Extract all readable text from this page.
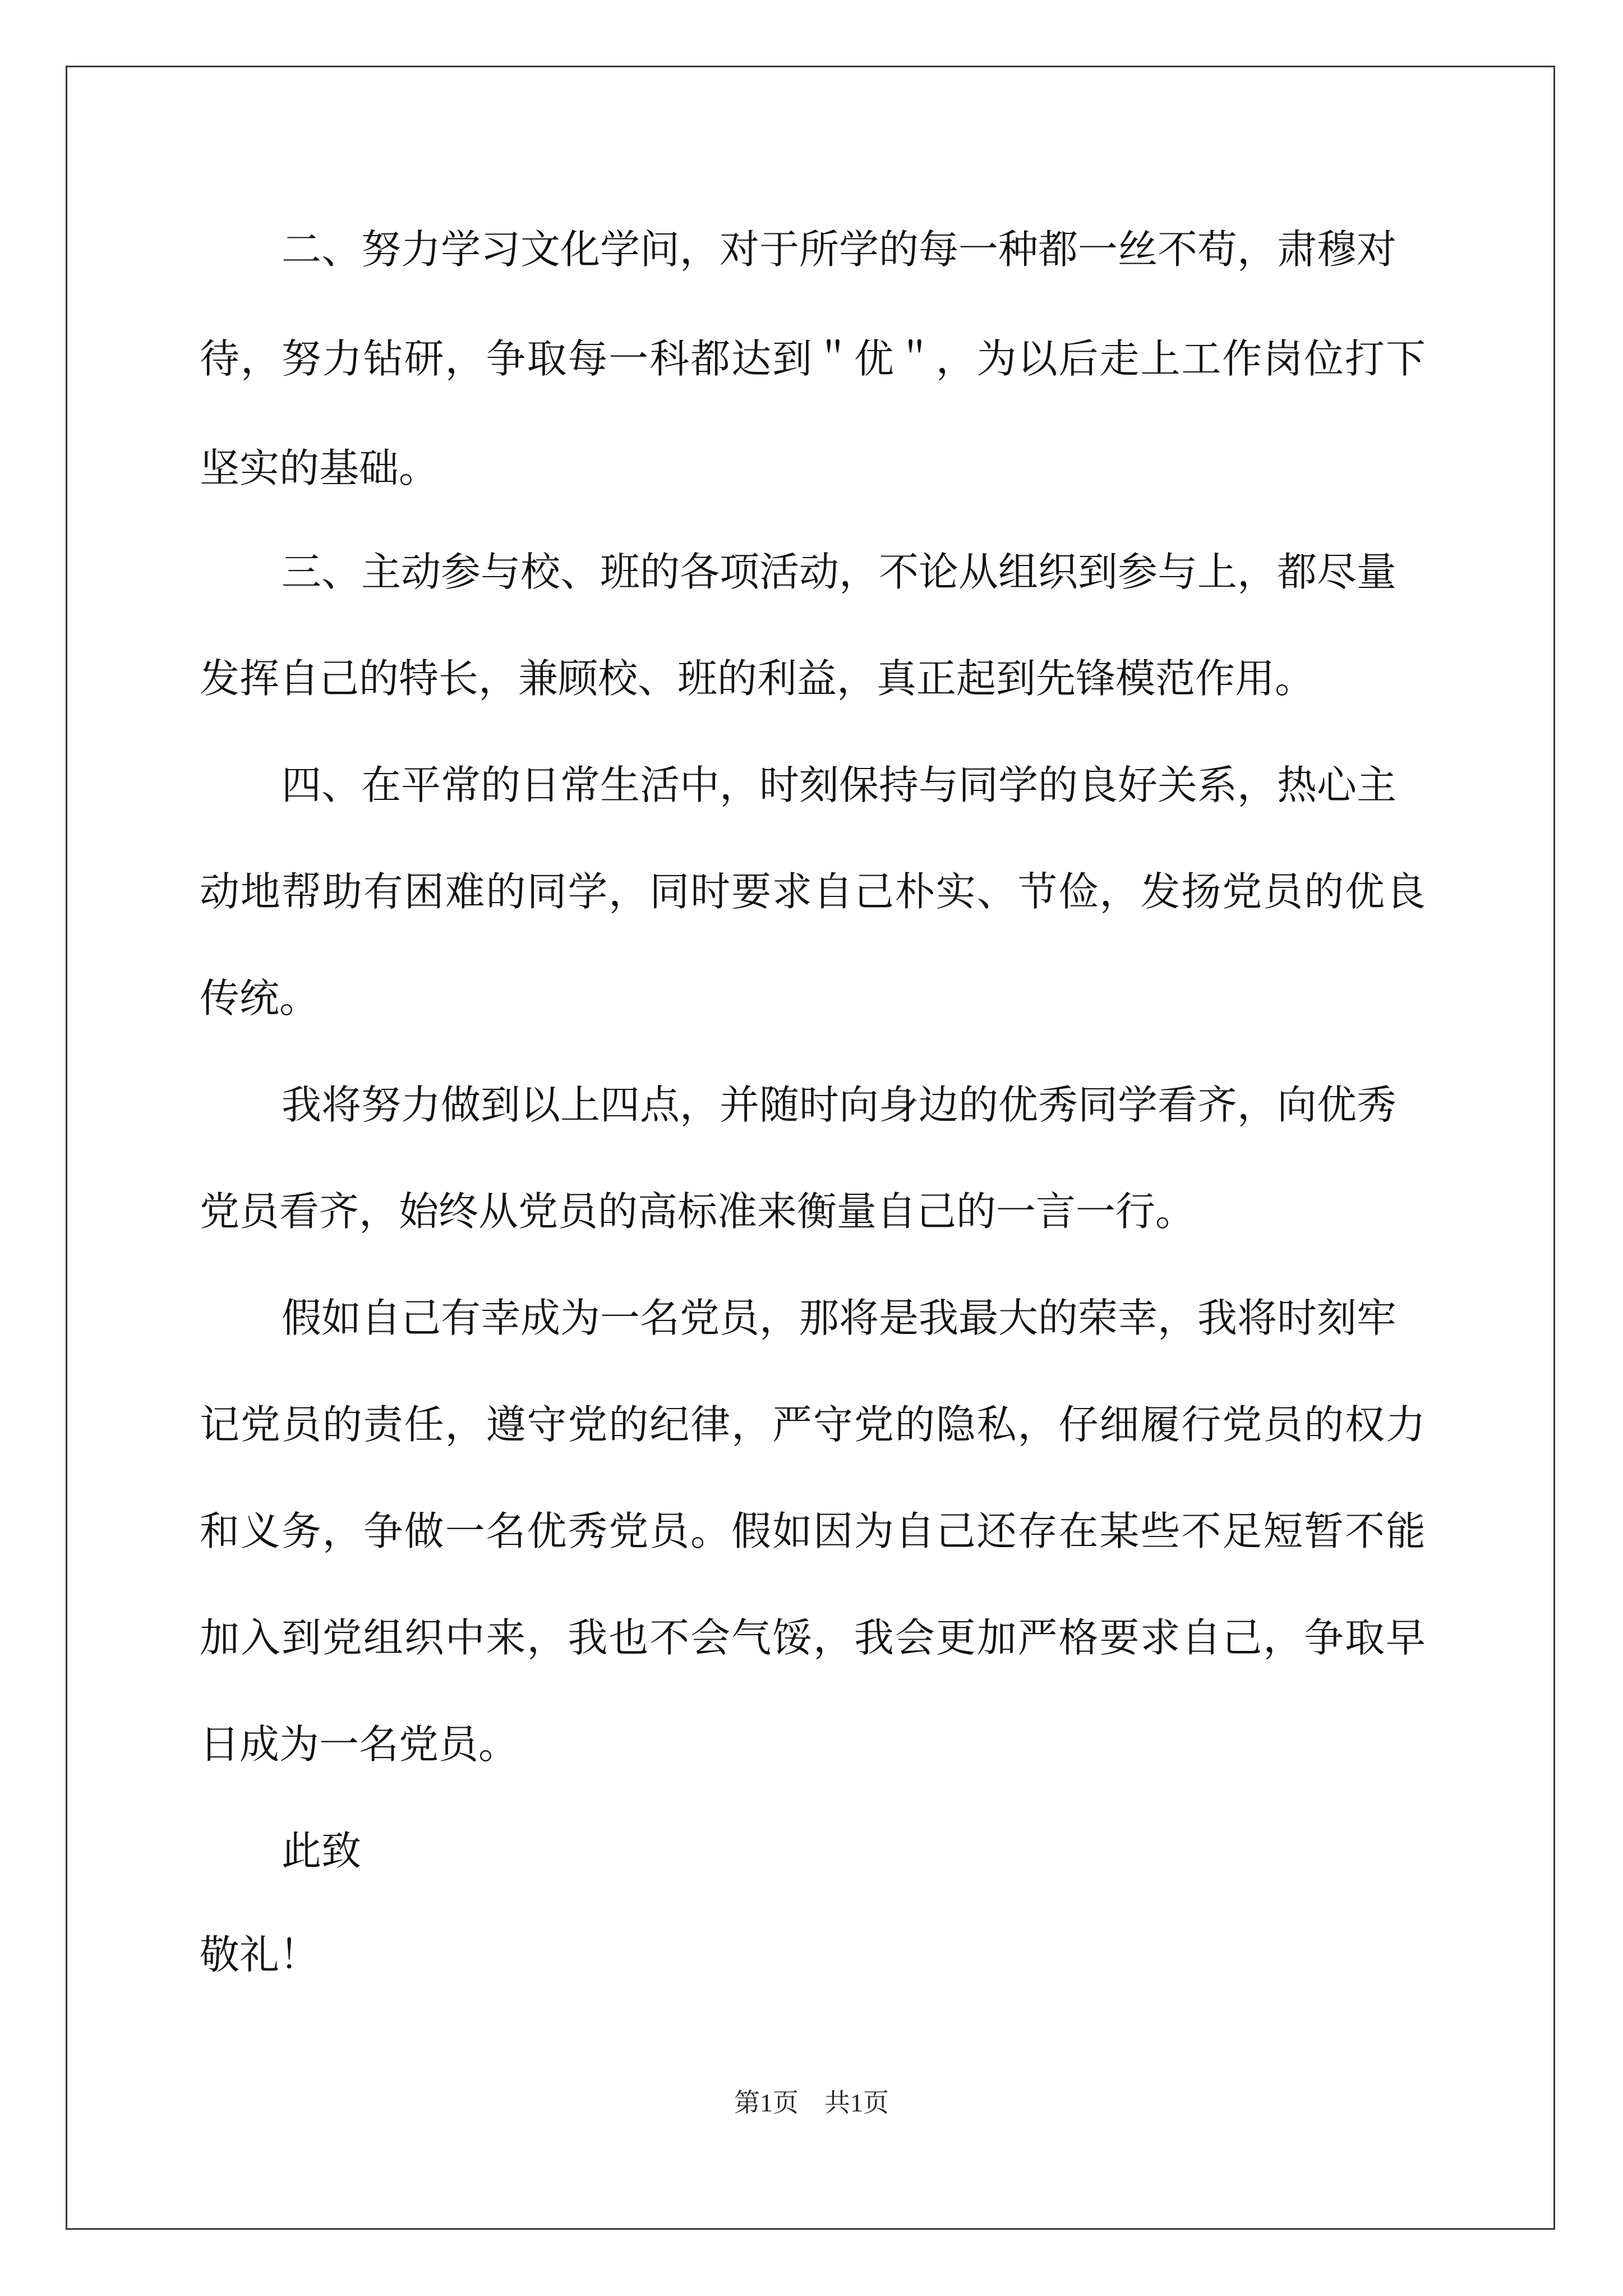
二、努力学习文化学问，对于所学的每一种都一丝不苟，肃穆对
待，努力钻研，争取每一科都达到＂优＂，为以后走上工作岗位打下
坚实的基础。
三、主动参与校、班的各项活动，不论从组织到参与上，都尽量
发挥自己的特长，兼顾校、班的利益，真正起到先锋模范作用。
四、在平常的日常生活中，时刻保持与同学的良好关系，热心主
动地帮助有困难的同学，同时要求自己朴实、节俭，发扬党员的优良
传统。
我将努力做到以上四点，并随时向身边的优秀同学看齐，向优秀
党员看齐，始终从党员的高标准来衡量自己的一言一行。
假如自己有幸成为一名党员，那将是我最大的荣幸，我将时刻牢
记党员的责任，遵守党的纪律，严守党的隐私，仔细履行党员的权力
和义务，争做一名优秀党员。假如因为自己还存在某些不足短暂不能
加入到党组织中来，我也不会气馁，我会更加严格要求自己，争取早
日成为一名党员。
此致
敬礼！
第1页　共1页
